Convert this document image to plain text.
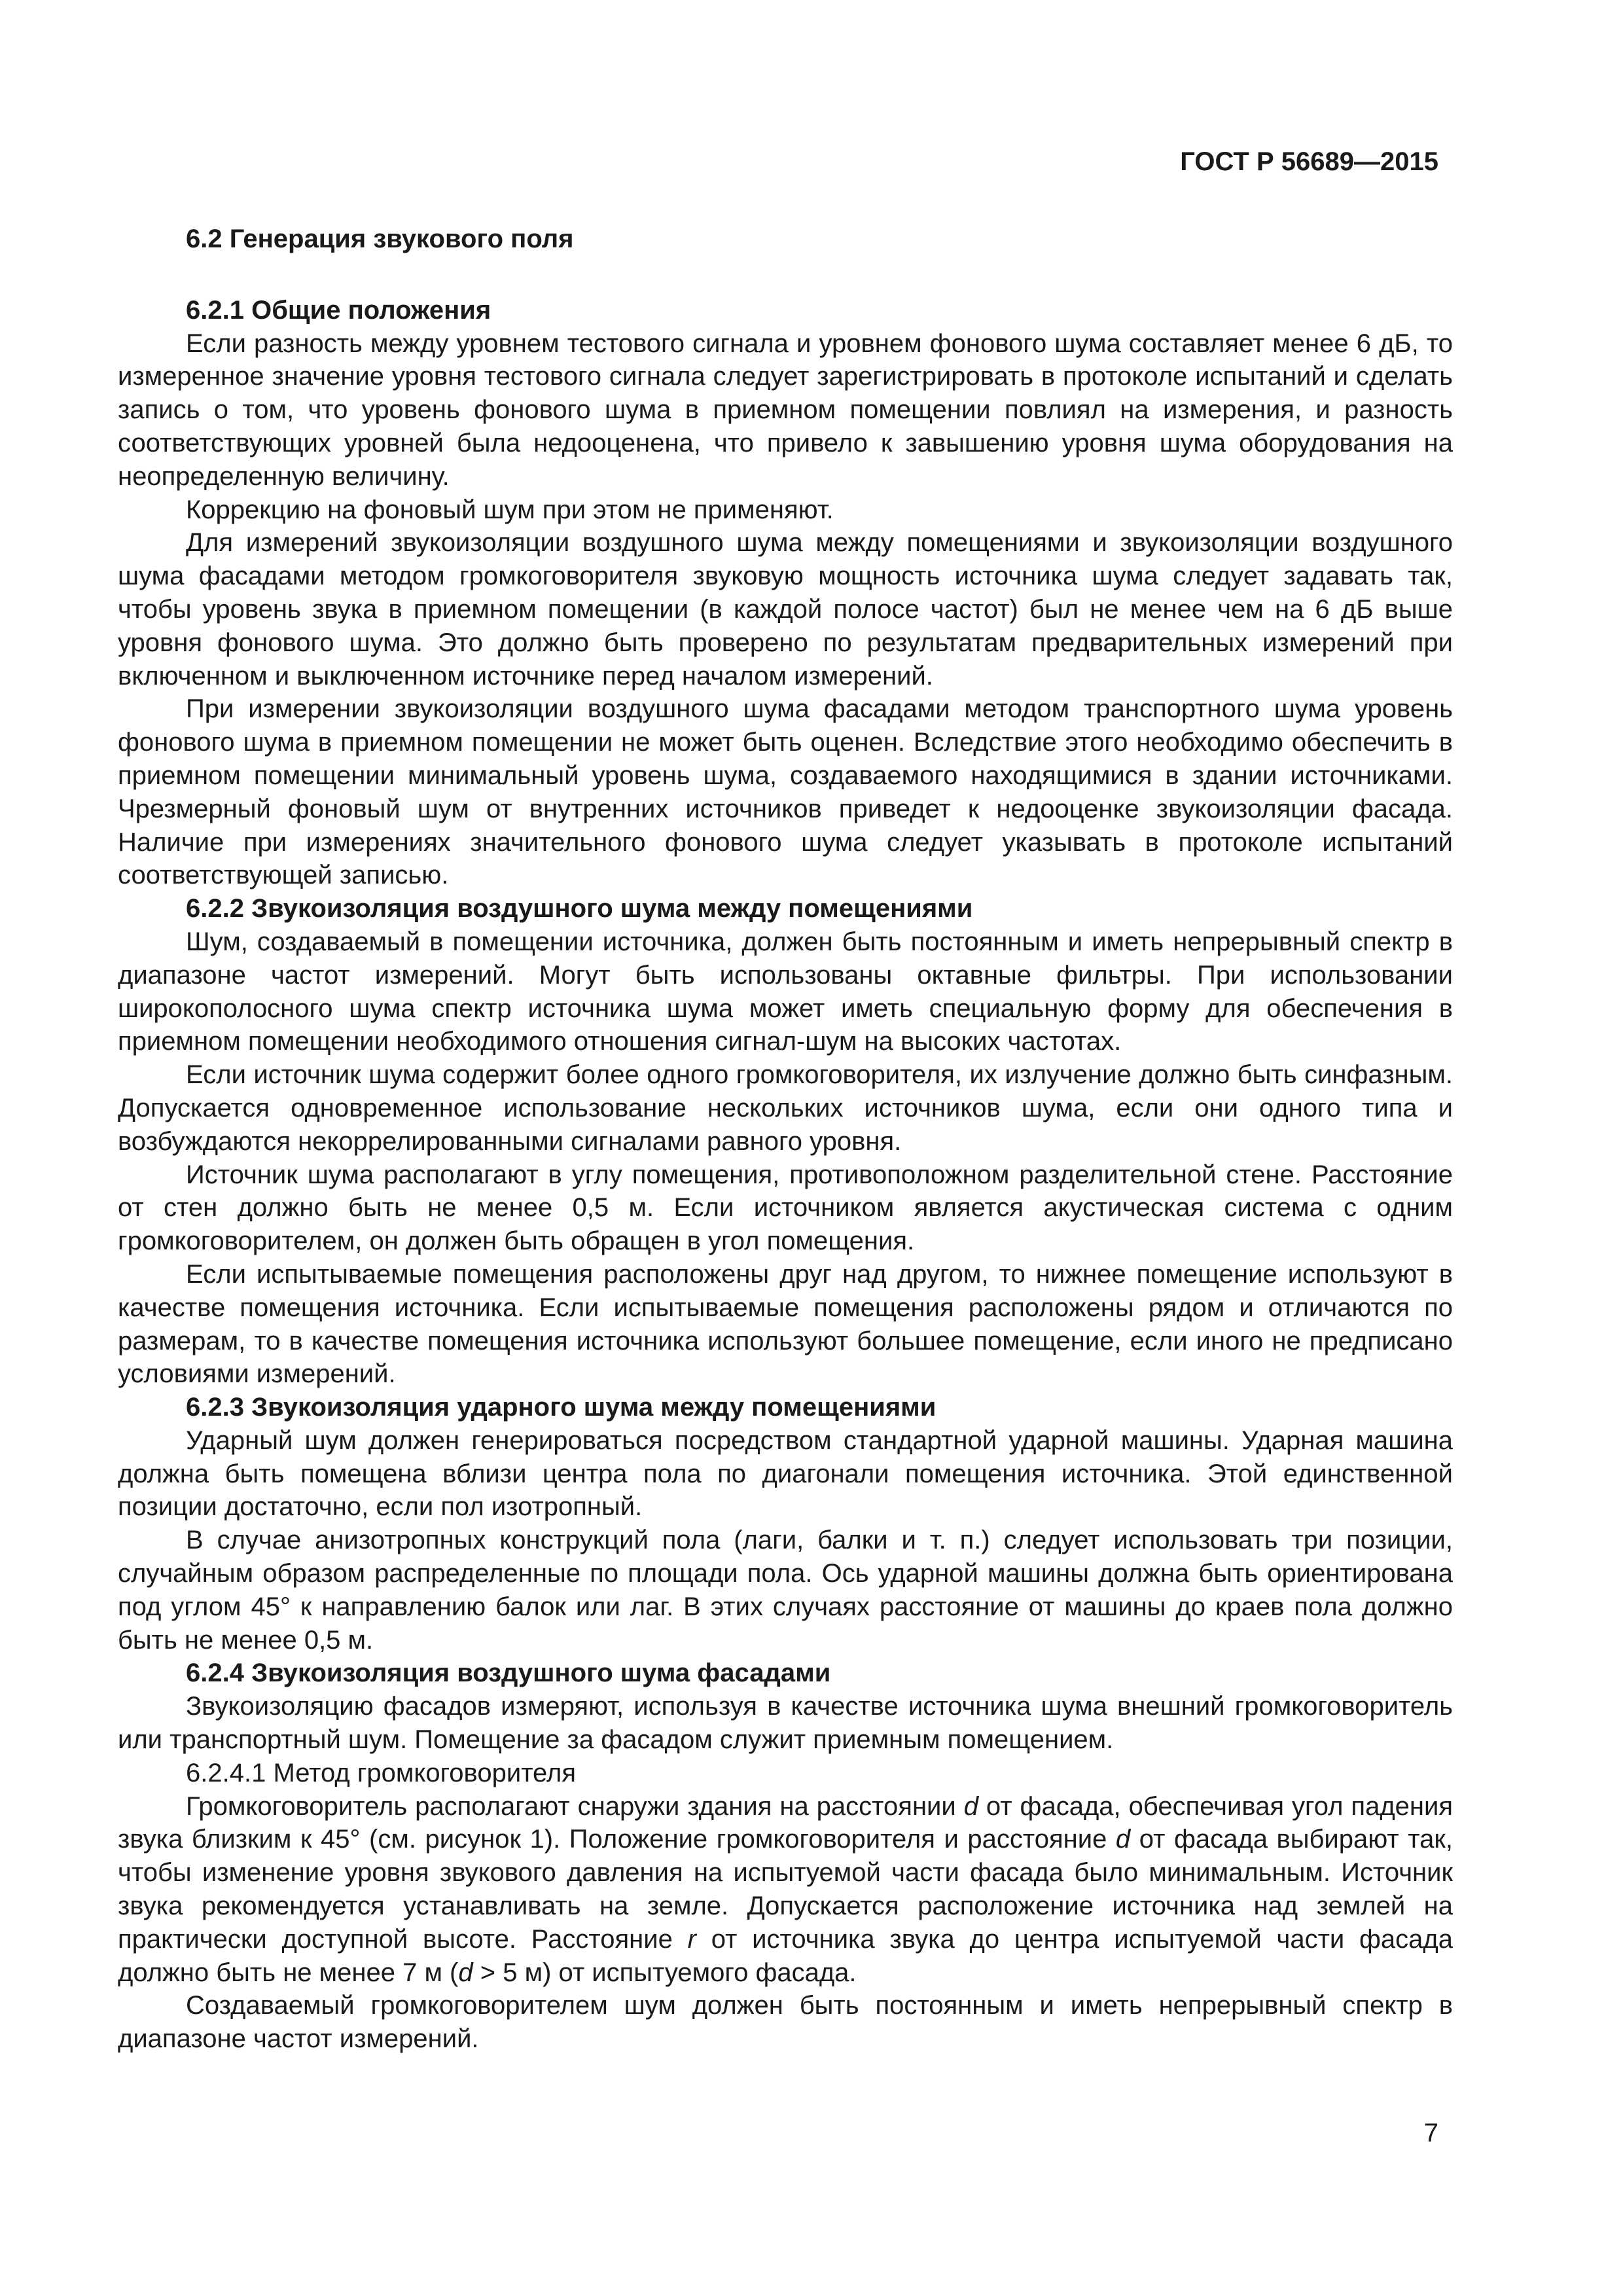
ГОСТ Р 56689—2015

6.2 Генерация звукового поля

6.2.1 Общие положения

Если разность между уровнем тестового сигнала и уровнем фонового шума составляет менее 6 дБ, то измеренное значение уровня тестового сигнала следует зарегистрировать в протоколе испытаний и сделать запись о том, что уровень фонового шума в приемном помещении повлиял на измерения, и разность соответствующих уровней была недооценена, что привело к завышению уровня шума оборудования на неопределенную величину.

Коррекцию на фоновый шум при этом не применяют.

Для измерений звукоизоляции воздушного шума между помещениями и звукоизоляции воздушного шума фасадами методом громкоговорителя звуковую мощность источника шума следует задавать так, чтобы уровень звука в приемном помещении (в каждой полосе частот) был не менее чем на 6 дБ выше уровня фонового шума. Это должно быть проверено по результатам предварительных измерений при включенном и выключенном источнике перед началом измерений.

При измерении звукоизоляции воздушного шума фасадами методом транспортного шума уровень фонового шума в приемном помещении не может быть оценен. Вследствие этого необходимо обеспечить в приемном помещении минимальный уровень шума, создаваемого находящимися в здании источниками. Чрезмерный фоновый шум от внутренних источников приведет к недооценке звукоизоляции фасада. Наличие при измерениях значительного фонового шума следует указывать в протоколе испытаний соответствующей записью.

6.2.2 Звукоизоляция воздушного шума между помещениями

Шум, создаваемый в помещении источника, должен быть постоянным и иметь непрерывный спектр в диапазоне частот измерений. Могут быть использованы октавные фильтры. При использовании широкополосного шума спектр источника шума может иметь специальную форму для обеспечения в приемном помещении необходимого отношения сигнал-шум на высоких частотах.

Если источник шума содержит более одного громкоговорителя, их излучение должно быть синфазным. Допускается одновременное использование нескольких источников шума, если они одного типа и возбуждаются некоррелированными сигналами равного уровня.

Источник шума располагают в углу помещения, противоположном разделительной стене. Расстояние от стен должно быть не менее 0,5 м. Если источником является акустическая система с одним громкоговорителем, он должен быть обращен в угол помещения.

Если испытываемые помещения расположены друг над другом, то нижнее помещение используют в качестве помещения источника. Если испытываемые помещения расположены рядом и отличаются по размерам, то в качестве помещения источника используют большее помещение, если иного не предписано условиями измерений.

6.2.3 Звукоизоляция ударного шума между помещениями

Ударный шум должен генерироваться посредством стандартной ударной машины. Ударная машина должна быть помещена вблизи центра пола по диагонали помещения источника. Этой единственной позиции достаточно, если пол изотропный.

В случае анизотропных конструкций пола (лаги, балки и т. п.) следует использовать три позиции, случайным образом распределенные по площади пола. Ось ударной машины должна быть ориентирована под углом 45° к направлению балок или лаг. В этих случаях расстояние от машины до краев пола должно быть не менее 0,5 м.

6.2.4 Звукоизоляция воздушного шума фасадами

Звукоизоляцию фасадов измеряют, используя в качестве источника шума внешний громкоговоритель или транспортный шум. Помещение за фасадом служит приемным помещением.

6.2.4.1 Метод громкоговорителя

Громкоговоритель располагают снаружи здания на расстоянии d от фасада, обеспечивая угол падения звука близким к 45° (см. рисунок 1). Положение громкоговорителя и расстояние d от фасада выбирают так, чтобы изменение уровня звукового давления на испытуемой части фасада было минимальным. Источник звука рекомендуется устанавливать на земле. Допускается расположение источника над землей на практически доступной высоте. Расстояние r от источника звука до центра испытуемой части фасада должно быть не менее 7 м (d > 5 м) от испытуемого фасада.

Создаваемый громкоговорителем шум должен быть постоянным и иметь непрерывный спектр в диапазоне частот измерений.

7
